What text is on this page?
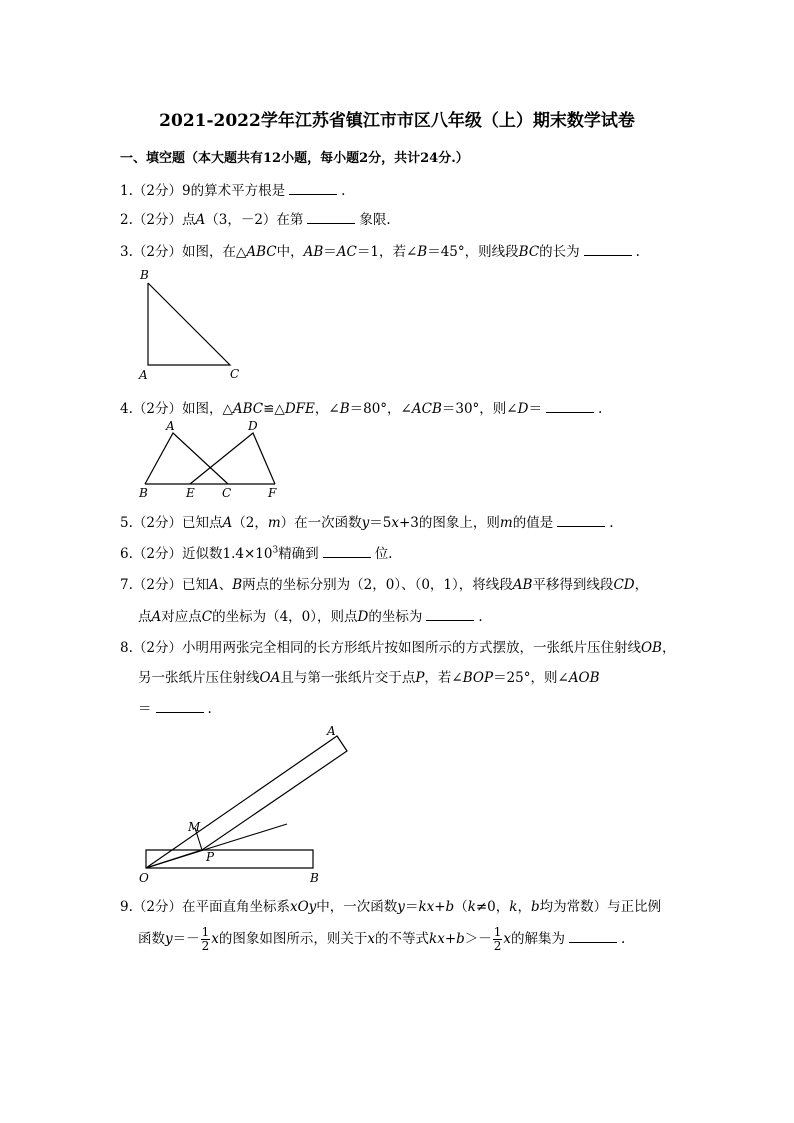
2021-2022学年江苏省镇江市市区八年级（上）期末数学试卷
一、填空题（本大题共有12小题，每小题2分，共计24分.）
1.（2分）9的算术平方根是	.
2.（2分）点A（3，－2）在第	象限.
3.（2分）如图，在△ABC中，AB＝AC＝1，若∠B＝45°，则线段BC的长为	.
B
A	C
4.（2分）如图，△ABC≌△DFE，∠B＝80°，∠ACB＝30°，则∠D＝	.
A	D
B	E C	F
5.（2分）已知点A（2，m）在一次函数y＝5x+3的图象上，则m的值是	.
6.（2分）近似数$1.4\times 10^3$精确到	位.
7.（2分）已知A、B两点的坐标分别为（2，0）、（0，1），将线段AB平移得到线段CD，
点A对应点C的坐标为（4，0），则点D的坐标为	.
8.（2分）小明用两张完全相同的长方形纸片按如图所示的方式摆放，一张纸片压住射线OB，
另一张纸片压住射线OA且与第一张纸片交于点P，若∠BOP＝25°，则∠AOB
＝	.
A
M
P
O	B
9.（2分）在平面直角坐标系xOy中，一次函数y＝kx+b（k≠0，k，b均为常数）与正比例
函数$y=- \frac{1}{2}$ x的图象如图所示，则关于x的不等式$kx+b>- \frac{1}{2}$ x的解集为	.
